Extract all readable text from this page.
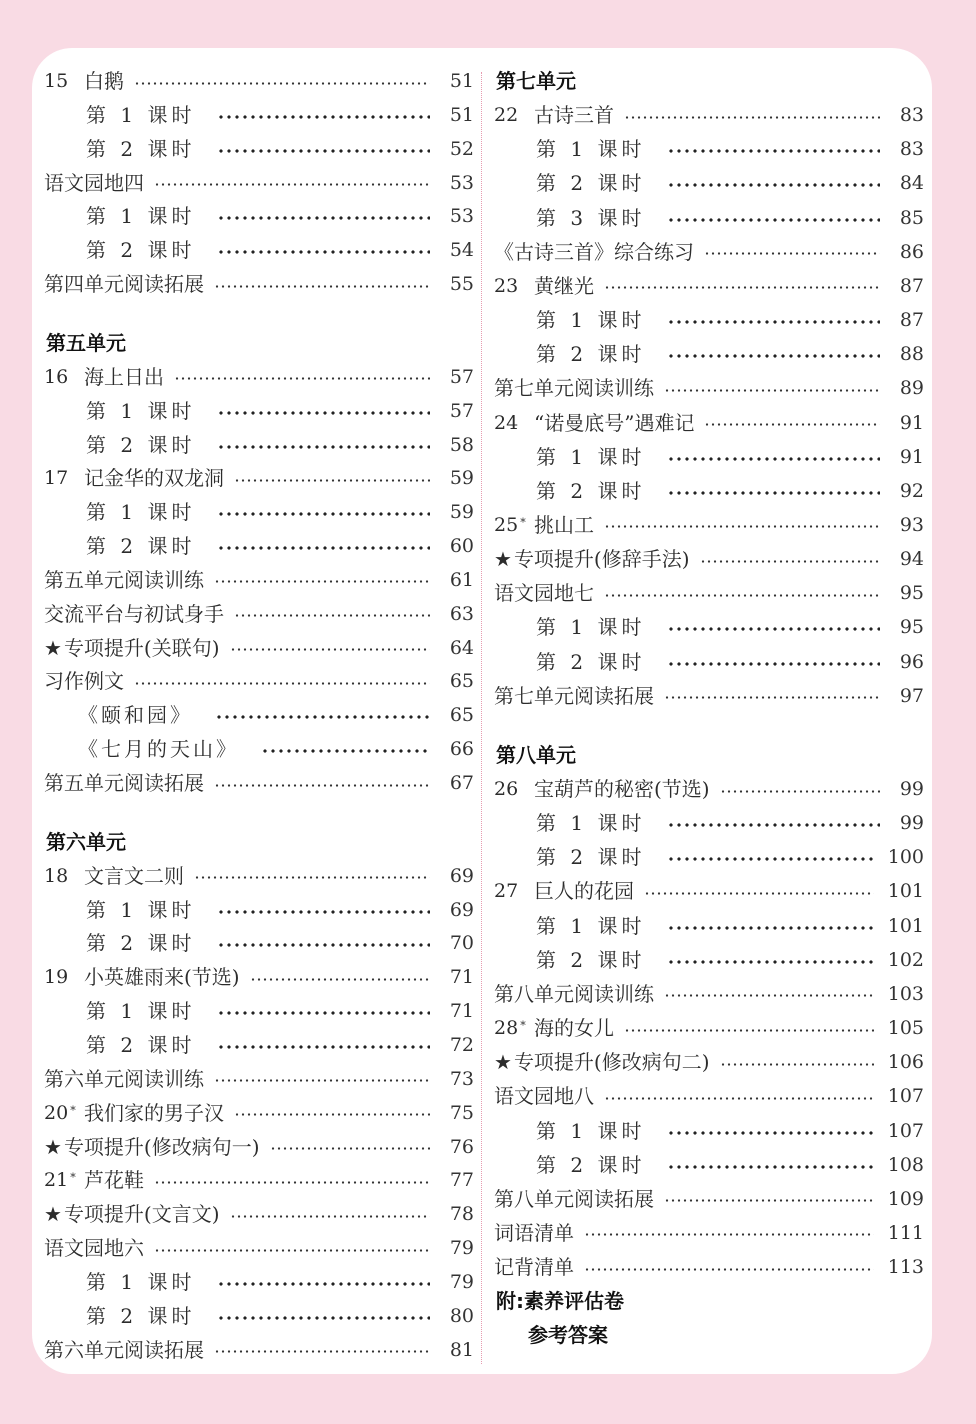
15 白鹅	51
第 1 课时	51
第 2 课时	52
语文园地四	53
第 1 课时	53
第 2 课时	54
第四单元阅读拓展	55
第五单元
16 海上日出	57
第 1 课时	57
第 2 课时	58
17 记金华的双龙洞	59
第 1 课时	59
第 2 课时	60
第五单元阅读训练	61
交流平台与初试身手	63
★ 专项提升(关联句)	64
习作例文	65
《颐和园》	65
《七月的天山》	66
第五单元阅读拓展	67
第六单元
18 文言文二则	69
第 1 课时	69
第 2 课时	70
19 小英雄雨来(节选)	71
第 1 课时	71
第 2 课时	72
第六单元阅读训练	73
20 * 我们家的男子汉	75
★ 专项提升(修改病句一)	76
21 * 芦花鞋	77
★ 专项提升(文言文)	78
语文园地六	79
第 1 课时	79
第 2 课时	80
第六单元阅读拓展	81
第七单元
22 古诗三首	83
第 1 课时	83
第 2 课时	84
第 3 课时	85
《古诗三首》综合练习	86
23 黄继光	87
第 1 课时	87
第 2 课时	88
第七单元阅读训练	89
24 “诺曼底号”遇难记	91
第 1 课时	91
第 2 课时	92
25 * 挑山工	93
★ 专项提升(修辞手法)	94
语文园地七	95
第 1 课时	95
第 2 课时	96
第七单元阅读拓展	97
第八单元
26 宝葫芦的秘密(节选)	99
第 1 课时	99
第 2 课时	100
27 巨人的花园	101
第 1 课时	101
第 2 课时	102
第八单元阅读训练	103
28 * 海的女儿	105
★ 专项提升(修改病句二)	106
语文园地八	107
第 1 课时	107
第 2 课时	108
第八单元阅读拓展	109
词语清单	111
记背清单	113
附:素养评估卷
参考答案
